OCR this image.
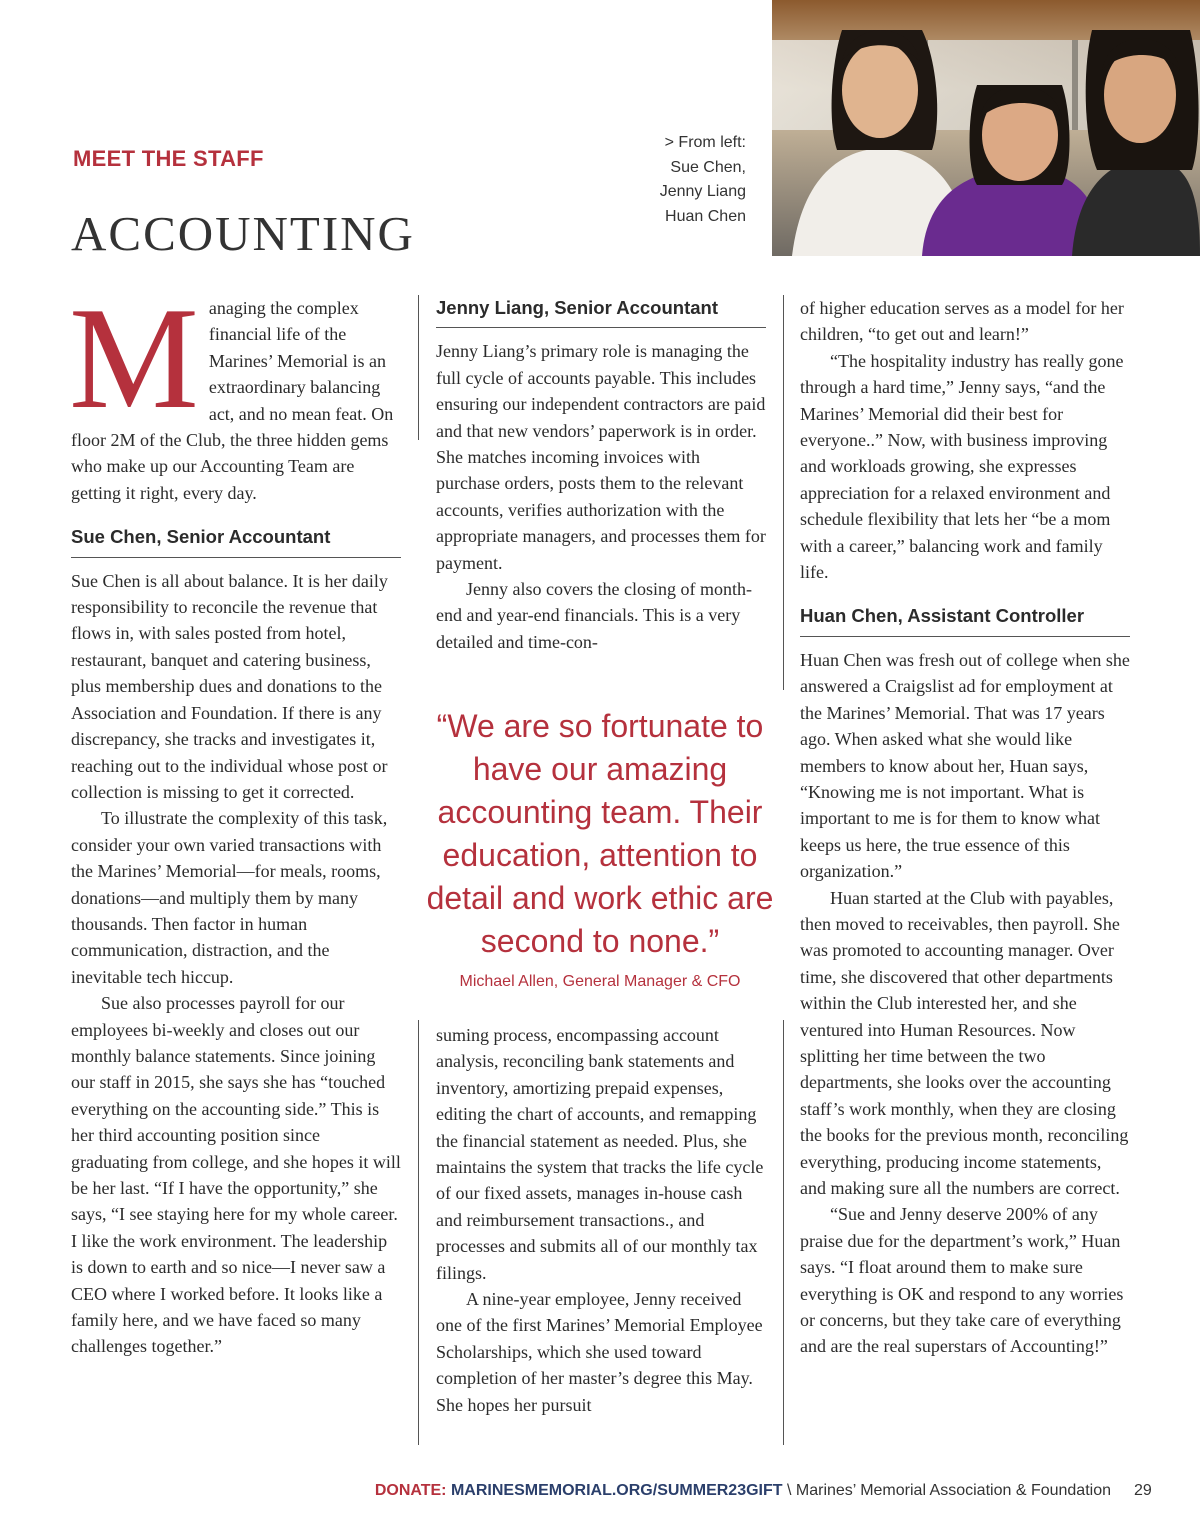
MEET THE STAFF
ACCOUNTING
> From left:
Sue Chen,
Jenny Liang
Huan Chen

Managing the complex financial life of the Marines’ Memorial is an extraordinary balancing act, and no mean feat. On floor 2M of the Club, the three hidden gems who make up our Accounting Team are getting it right, every day.

Sue Chen, Senior Accountant

Sue Chen is all about balance. It is her daily responsibility to reconcile the revenue that flows in, with sales posted from hotel, restaurant, banquet and catering business, plus membership dues and donations to the Association and Foundation. If there is any discrepancy, she tracks and investigates it, reaching out to the individual whose post or collection is missing to get it corrected.

To illustrate the complexity of this task, consider your own varied transactions with the Marines’ Memorial—for meals, rooms, donations—and multiply them by many thousands. Then factor in human communication, distraction, and the inevitable tech hiccup.

Sue also processes payroll for our employees bi-weekly and closes out our monthly balance statements. Since joining our staff in 2015, she says she has “touched everything on the accounting side.” This is her third accounting position since graduating from college, and she hopes it will be her last. “If I have the opportunity,” she says, “I see staying here for my whole career. I like the work environment. The leadership is down to earth and so nice—I never saw a CEO where I worked before. It looks like a family here, and we have faced so many challenges together.”

Jenny Liang, Senior Accountant

Jenny Liang’s primary role is managing the full cycle of accounts payable. This includes ensuring our independent contractors are paid and that new vendors’ paperwork is in order. She matches incoming invoices with purchase orders, posts them to the relevant accounts, verifies authorization with the appropriate managers, and processes them for payment.

Jenny also covers the closing of month-end and year-end financials. This is a very detailed and time-con-

“We are so fortunate to have our amazing accounting team. Their education, attention to detail and work ethic are second to none.”
Michael Allen, General Manager & CFO

suming process, encompassing account analysis, reconciling bank statements and inventory, amortizing prepaid expenses, editing the chart of accounts, and remapping the financial statement as needed. Plus, she maintains the system that tracks the life cycle of our fixed assets, manages in-house cash and reimbursement transactions., and processes and submits all of our monthly tax filings.

A nine-year employee, Jenny received one of the first Marines’ Memorial Employee Scholarships, which she used toward completion of her master’s degree this May. She hopes her pursuit

of higher education serves as a model for her children, “to get out and learn!”

“The hospitality industry has really gone through a hard time,” Jenny says, “and the Marines’ Memorial did their best for everyone..” Now, with business improving and workloads growing, she expresses appreciation for a relaxed environment and schedule flexibility that lets her “be a mom with a career,” balancing work and family life.

Huan Chen, Assistant Controller

Huan Chen was fresh out of college when she answered a Craigslist ad for employment at the Marines’ Memorial. That was 17 years ago. When asked what she would like members to know about her, Huan says, “Knowing me is not important. What is important to me is for them to know what keeps us here, the true essence of this organization.”

Huan started at the Club with payables, then moved to receivables, then payroll. She was promoted to accounting manager. Over time, she discovered that other departments within the Club interested her, and she ventured into Human Resources. Now splitting her time between the two departments, she looks over the accounting staff’s work monthly, when they are closing the books for the previous month, reconciling everything, producing income statements, and making sure all the numbers are correct.

“Sue and Jenny deserve 200% of any praise due for the department’s work,” Huan says. “I float around them to make sure everything is OK and respond to any worries or concerns, but they take care of everything and are the real superstars of Accounting!”

DONATE: MARINESMEMORIAL.ORG/SUMMER23GIFT \ Marines’ Memorial Association & Foundation 29
